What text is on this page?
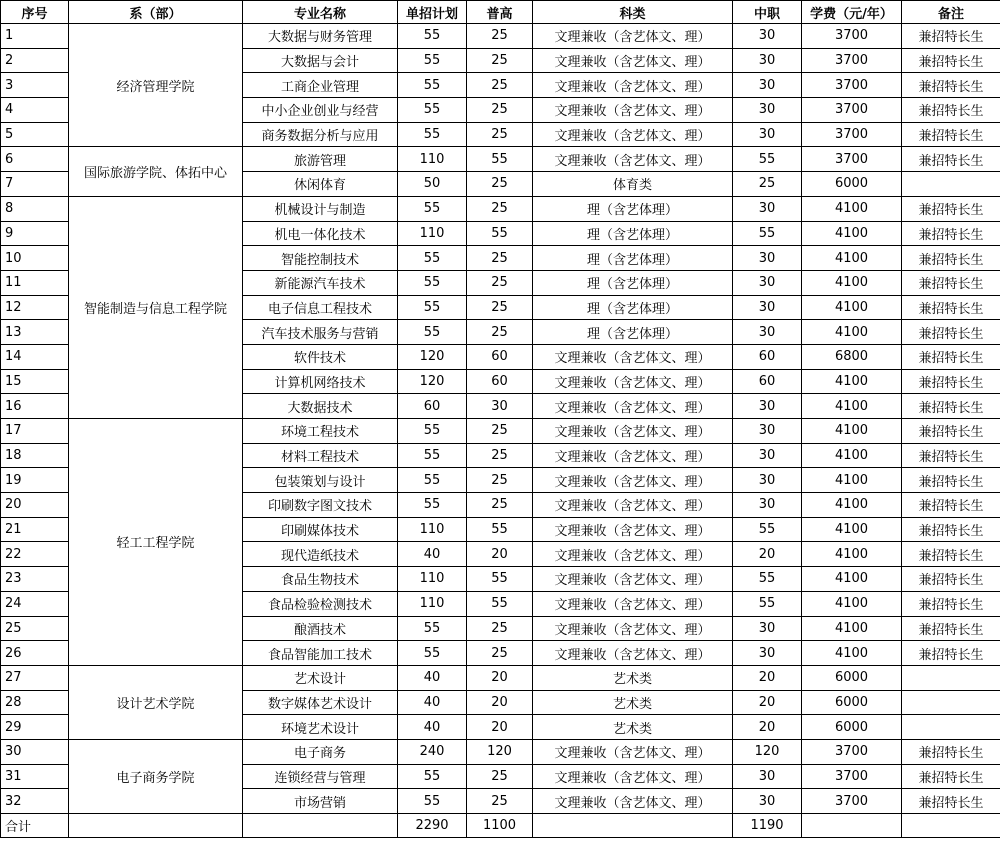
序号	系（部）	专业名称	单招计划	普高	科类	中职	学费（元/年）	备注
1	经济管理学院	大数据与财务管理	55	25	文理兼收（含艺体文、理）	30	3700	兼招特长生
2		大数据与会计	55	25	文理兼收（含艺体文、理）	30	3700	兼招特长生
3		工商企业管理	55	25	文理兼收（含艺体文、理）	30	3700	兼招特长生
4		中小企业创业与经营	55	25	文理兼收（含艺体文、理）	30	3700	兼招特长生
5		商务数据分析与应用	55	25	文理兼收（含艺体文、理）	30	3700	兼招特长生
6	国际旅游学院、体拓中心	旅游管理	110	55	文理兼收（含艺体文、理）	55	3700	兼招特长生
7		休闲体育	50	25	体育类	25	6000	
8	智能制造与信息工程学院	机械设计与制造	55	25	理（含艺体理）	30	4100	兼招特长生
9		机电一体化技术	110	55	理（含艺体理）	55	4100	兼招特长生
10		智能控制技术	55	25	理（含艺体理）	30	4100	兼招特长生
11		新能源汽车技术	55	25	理（含艺体理）	30	4100	兼招特长生
12		电子信息工程技术	55	25	理（含艺体理）	30	4100	兼招特长生
13		汽车技术服务与营销	55	25	理（含艺体理）	30	4100	兼招特长生
14		软件技术	120	60	文理兼收（含艺体文、理）	60	6800	兼招特长生
15		计算机网络技术	120	60	文理兼收（含艺体文、理）	60	4100	兼招特长生
16		大数据技术	60	30	文理兼收（含艺体文、理）	30	4100	兼招特长生
17	轻工工程学院	环境工程技术	55	25	文理兼收（含艺体文、理）	30	4100	兼招特长生
18		材料工程技术	55	25	文理兼收（含艺体文、理）	30	4100	兼招特长生
19		包装策划与设计	55	25	文理兼收（含艺体文、理）	30	4100	兼招特长生
20		印刷数字图文技术	55	25	文理兼收（含艺体文、理）	30	4100	兼招特长生
21		印刷媒体技术	110	55	文理兼收（含艺体文、理）	55	4100	兼招特长生
22		现代造纸技术	40	20	文理兼收（含艺体文、理）	20	4100	兼招特长生
23		食品生物技术	110	55	文理兼收（含艺体文、理）	55	4100	兼招特长生
24		食品检验检测技术	110	55	文理兼收（含艺体文、理）	55	4100	兼招特长生
25		酿酒技术	55	25	文理兼收（含艺体文、理）	30	4100	兼招特长生
26		食品智能加工技术	55	25	文理兼收（含艺体文、理）	30	4100	兼招特长生
27	设计艺术学院	艺术设计	40	20	艺术类	20	6000	
28		数字媒体艺术设计	40	20	艺术类	20	6000	
29		环境艺术设计	40	20	艺术类	20	6000	
30	电子商务学院	电子商务	240	120	文理兼收（含艺体文、理）	120	3700	兼招特长生
31		连锁经营与管理	55	25	文理兼收（含艺体文、理）	30	3700	兼招特长生
32		市场营销	55	25	文理兼收（含艺体文、理）	30	3700	兼招特长生
合计			2290	1100		1190		
